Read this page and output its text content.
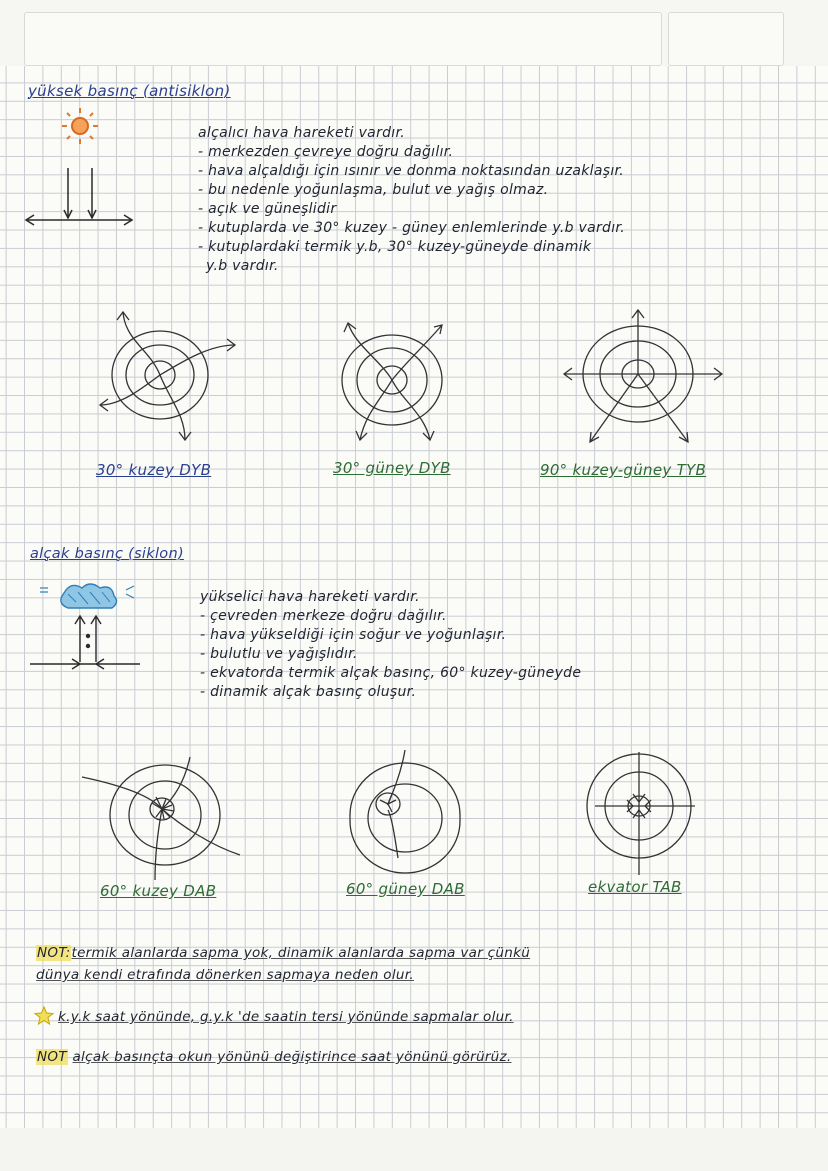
yüksek basınç (antisiklon)
alçalıcı hava hareketi vardır.
- merkezden çevreye doğru dağılır.
- hava alçaldığı için ısınır ve donma noktasından uzaklaşır.
- bu nedenle yoğunlaşma, bulut ve yağış olmaz.
- açık ve güneşlidir
- kutuplarda ve 30° kuzey - güney enlemlerinde y.b vardır.
- kutuplardaki termik y.b, 30° kuzey-güneyde dinamik
y.b vardır.
30° kuzey DYB	30° güney DYB	90° kuzey-güney TYB
alçak basınç (siklon)
yükselici hava hareketi vardır.
- çevreden merkeze doğru dağılır.
- hava yükseldiği için soğur ve yoğunlaşır.
- bulutlu ve yağışlıdır.
- ekvatorda termik alçak basınç, 60° kuzey-güneyde
- dinamik alçak basınç oluşur.
60° kuzey DAB	60° güney DAB	ekvator TAB
NOT:termik alanlarda sapma yok, dinamik alanlarda sapma var çünkü
dünya kendi etrafında dönerken sapmaya neden olur.
k.y.k saat yönünde, g.y.k 'de saatin tersi yönünde sapmalar olur.
NOT alçak basınçta okun yönünü değiştirince saat yönünü görürüz.
